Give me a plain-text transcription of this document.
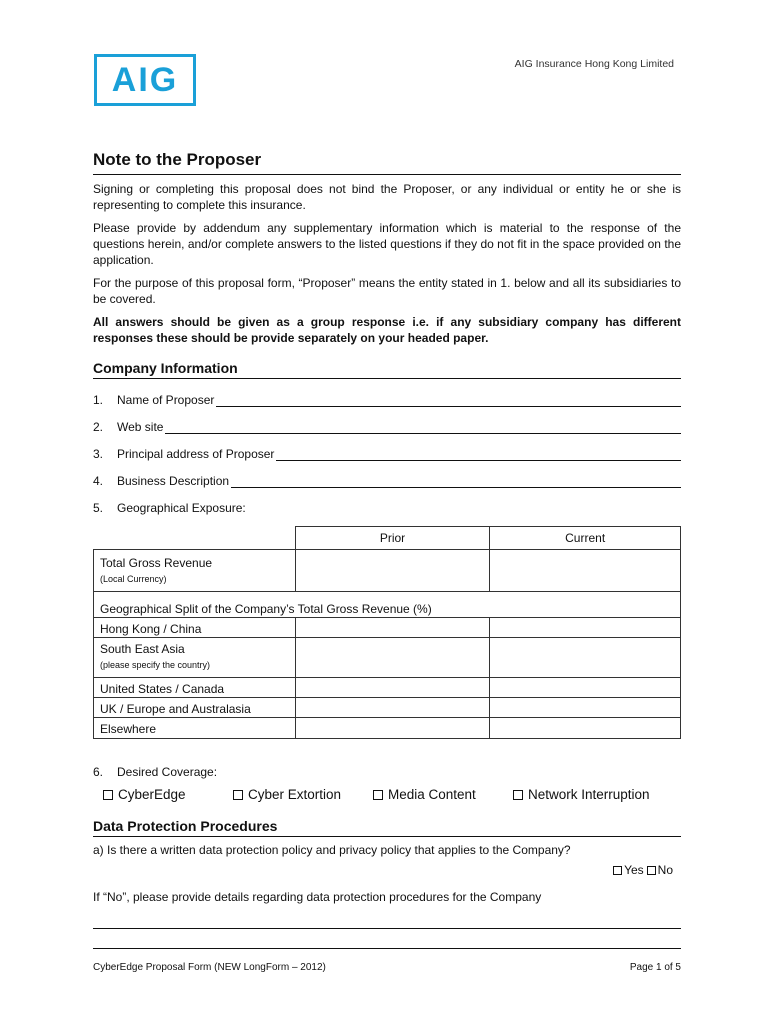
AIG	AIG Insurance Hong Kong Limited
Note to the Proposer

Signing or completing this proposal does not bind the Proposer, or any individual or entity he or she is representing to complete this insurance.

Please provide by addendum any supplementary information which is material to the response of the questions herein, and/or complete answers to the listed questions if they do not fit in the space provided on the application.

For the purpose of this proposal form, “Proposer” means the entity stated in 1. below and all its subsidiaries to be covered.

All answers should be given as a group response i.e. if any subsidiary company has different responses these should be provide separately on your headed paper.

Company Information
1.	Name of Proposer
2.	Web site
3.	Principal address of Proposer
4.	Business Description
5.	Geographical Exposure:
	Prior	Current
Total Gross Revenue
(Local Currency)		

Geographical Split of the Company’s Total Gross Revenue (%)		
Hong Kong / China		
South East Asia
(please specify the country)		

United States / Canada		
UK / Europe and Australasia		
Elsewhere		
6.	Desired Coverage:
CyberEdge	Cyber Extortion	Media Content	Network Interruption
Data Protection Procedures

a) Is there a written data protection policy and privacy policy that applies to the Company?

Yes No

If “No”, please provide details regarding data protection procedures for the Company

CyberEdge Proposal Form (NEW LongForm – 2012)	Page 1 of 5
